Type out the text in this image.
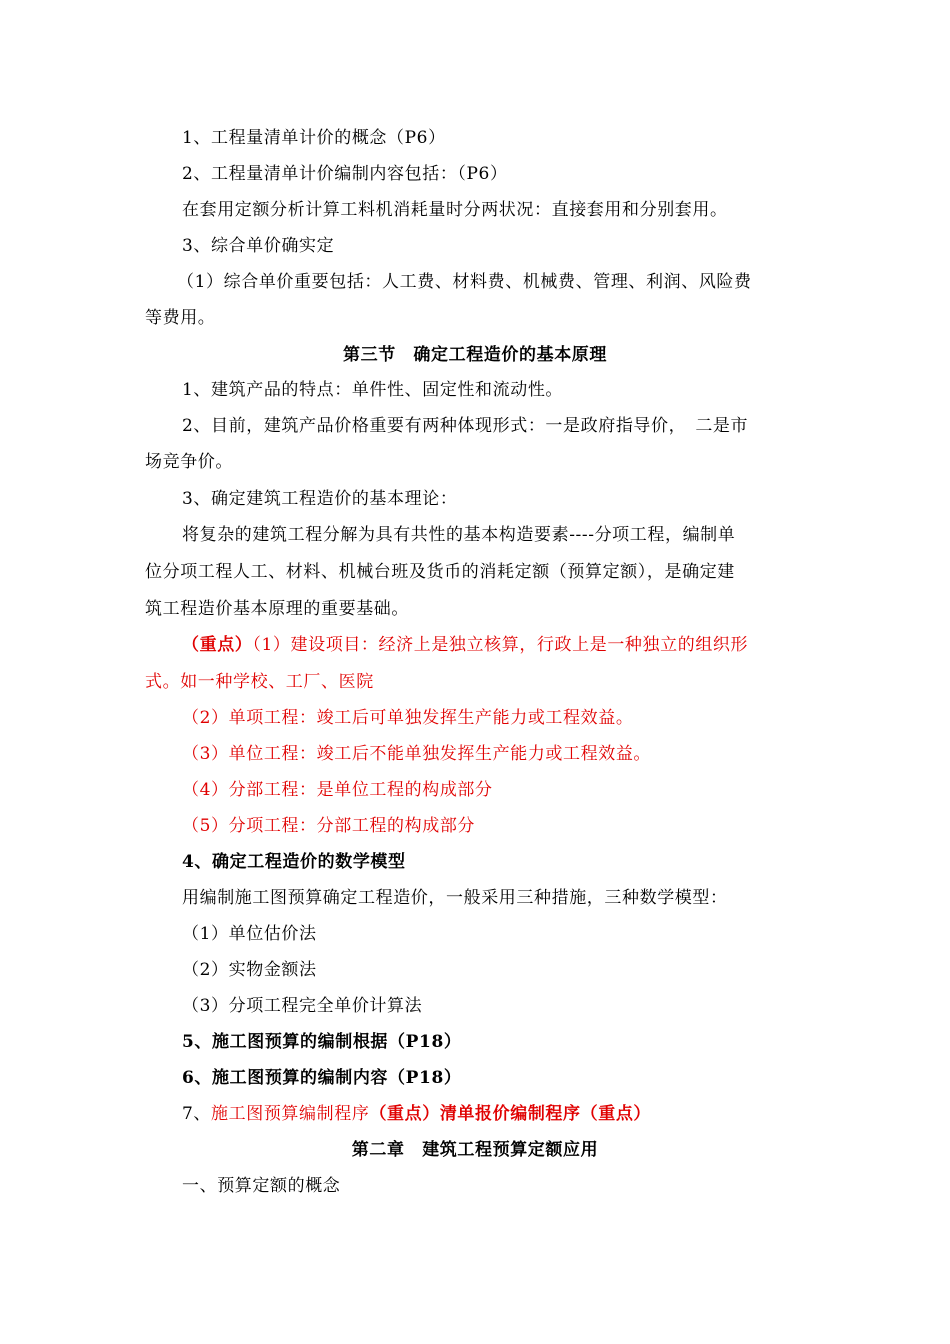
1、工程量清单计价的概念（P6）
2、工程量清单计价编制内容包括：（P6）
在套用定额分析计算工料机消耗量时分两状况：直接套用和分别套用。
3、综合单价确实定
（1）综合单价重要包括：人工费、材料费、机械费、管理、利润、风险费
等费用。
第三节　确定工程造价的基本原理
1、建筑产品的特点：单件性、固定性和流动性。
2、目前，建筑产品价格重要有两种体现形式：一是政府指导价，　二是市
场竞争价。
3、确定建筑工程造价的基本理论：
将复杂的建筑工程分解为具有共性的基本构造要素----分项工程，编制单
位分项工程人工、材料、机械台班及货币的消耗定额（预算定额），是确定建
筑工程造价基本原理的重要基础。
（重点）（1）建设项目：经济上是独立核算，行政上是一种独立的组织形
式。如一种学校、工厂、医院
（2）单项工程：竣工后可单独发挥生产能力或工程效益。
（3）单位工程：竣工后不能单独发挥生产能力或工程效益。
（4）分部工程：是单位工程的构成部分
（5）分项工程：分部工程的构成部分
4、确定工程造价的数学模型
用编制施工图预算确定工程造价，一般采用三种措施，三种数学模型：
（1）单位估价法
（2）实物金额法
（3）分项工程完全单价计算法
5、施工图预算的编制根据（P18）
6、施工图预算的编制内容（P18）
7、施工图预算编制程序（重点）清单报价编制程序（重点）
第二章　建筑工程预算定额应用
一、预算定额的概念
